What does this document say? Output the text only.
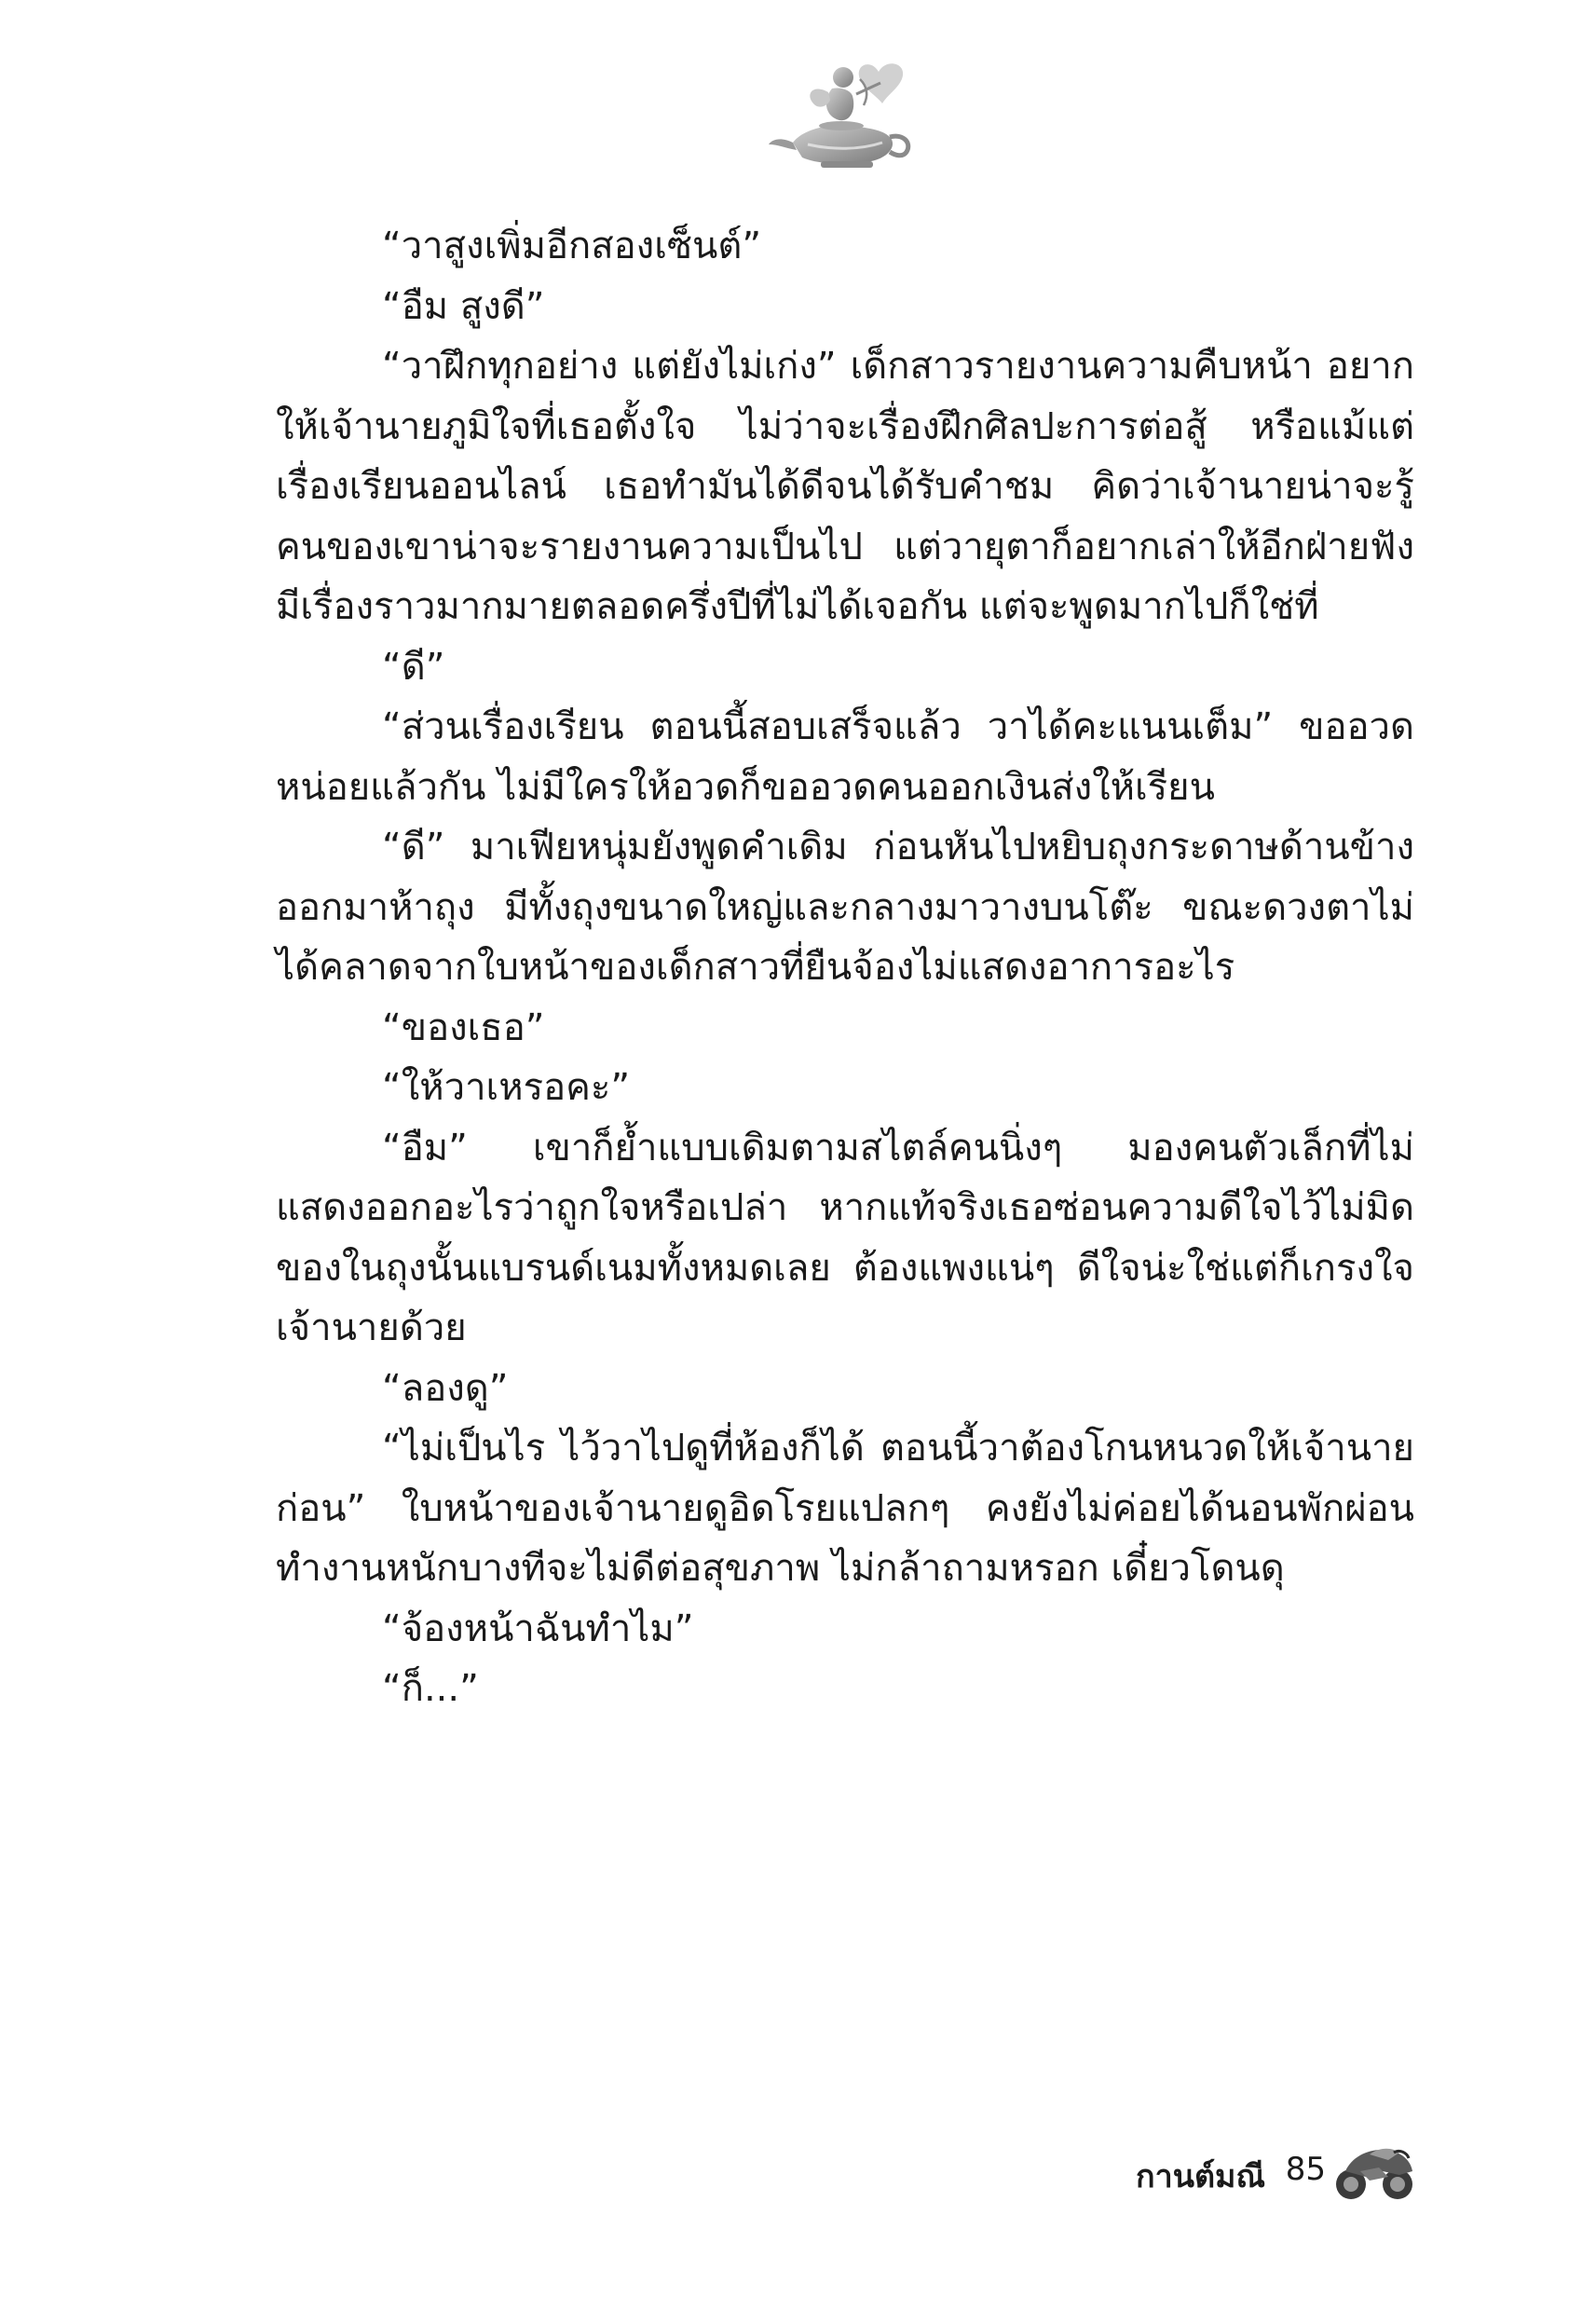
“วาสูงเพิ่มอีกสองเซ็นต์”

“อืม สูงดี”

“วาฝึกทุกอย่าง แต่ยังไม่เก่ง” เด็กสาวรายงานความคืบหน้า อยากให้เจ้านายภูมิใจที่เธอตั้งใจ ไม่ว่าจะเรื่องฝึกศิลปะการต่อสู้ หรือแม้แต่เรื่องเรียนออนไลน์ เธอทำมันได้ดีจนได้รับคำชม คิดว่าเจ้านายน่าจะรู้ คนของเขาน่าจะรายงานความเป็นไป แต่วายุตาก็อยากเล่าให้อีกฝ่ายฟัง มีเรื่องราวมากมายตลอดครึ่งปีที่ไม่ได้เจอกัน แต่จะพูดมากไปก็ใช่ที่

“ดี”

“ส่วนเรื่องเรียน ตอนนี้สอบเสร็จแล้ว วาได้คะแนนเต็ม” ขออวดหน่อยแล้วกัน ไม่มีใครให้อวดก็ขออวดคนออกเงินส่งให้เรียน

“ดี” มาเฟียหนุ่มยังพูดคำเดิม ก่อนหันไปหยิบถุงกระดาษด้านข้างออกมาห้าถุง มีทั้งถุงขนาดใหญ่และกลางมาวางบนโต๊ะ ขณะดวงตาไม่ได้คลาดจากใบหน้าของเด็กสาวที่ยืนจ้องไม่แสดงอาการอะไร

“ของเธอ”

“ให้วาเหรอคะ”

“อืม” เขาก็ย้ำแบบเดิมตามสไตล์คนนิ่งๆ มองคนตัวเล็กที่ไม่แสดงออกอะไรว่าถูกใจหรือเปล่า หากแท้จริงเธอซ่อนความดีใจไว้ไม่มิด ของในถุงนั้นแบรนด์เนมทั้งหมดเลย ต้องแพงแน่ๆ ดีใจน่ะใช่แต่ก็เกรงใจเจ้านายด้วย

“ลองดู”

“ไม่เป็นไร ไว้วาไปดูที่ห้องก็ได้ ตอนนี้วาต้องโกนหนวดให้เจ้านายก่อน” ใบหน้าของเจ้านายดูอิดโรยแปลกๆ คงยังไม่ค่อยได้นอนพักผ่อน ทำงานหนักบางทีจะไม่ดีต่อสุขภาพ ไม่กล้าถามหรอก เดี๋ยวโดนดุ

“จ้องหน้าฉันทำไม”

“ก็...”

กานต์มณี 85
